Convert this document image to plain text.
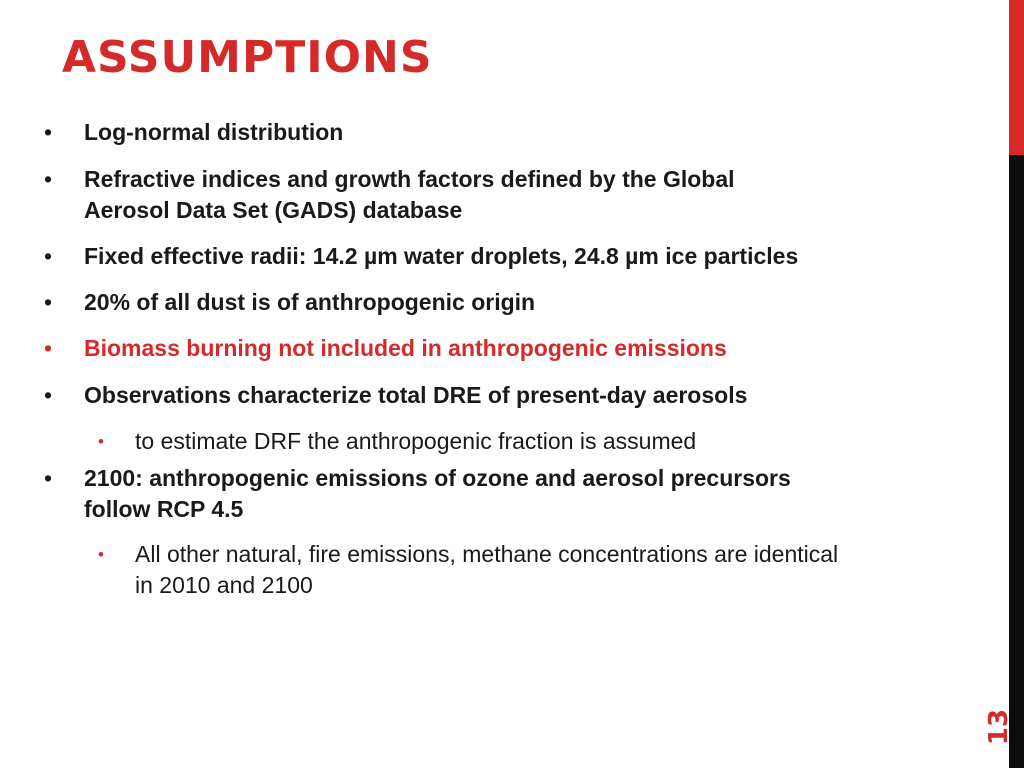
ASSUMPTIONS

• Log-normal distribution

• Refractive indices and growth factors defined by the Global Aerosol Data Set (GADS) database

• Fixed effective radii: 14.2 µm water droplets, 24.8 µm ice particles

• 20% of all dust is of anthropogenic origin

• Biomass burning not included in anthropogenic emissions

• Observations characterize total DRE of present-day aerosols

• to estimate DRF the anthropogenic fraction is assumed

• 2100: anthropogenic emissions of ozone and aerosol precursors follow RCP 4.5

• All other natural, fire emissions, methane concentrations are identical in 2010 and 2100

13
